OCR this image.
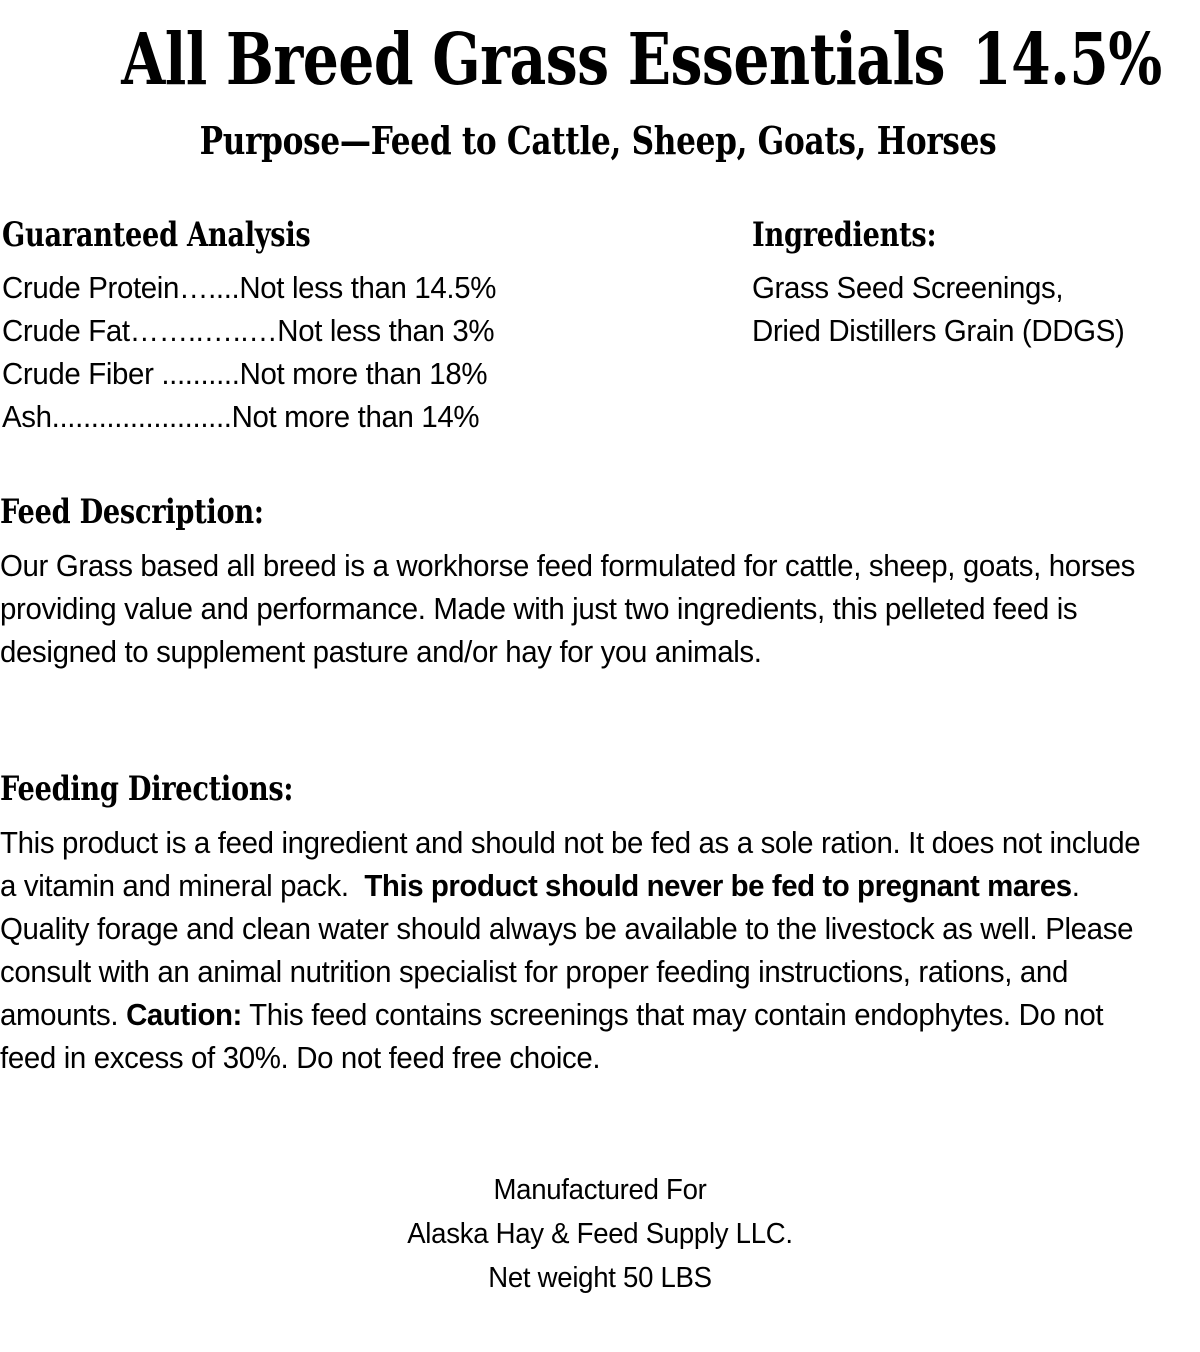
All Breed Grass Essentials 14.5%
Purpose—Feed to Cattle, Sheep, Goats, Horses
Guaranteed Analysis
Crude Protein…....Not less than 14.5%
Crude Fat……..…..…Not less than 3%
Crude Fiber ..........Not more than 18%
Ash.......................Not more than 14%
Ingredients:
Grass Seed Screenings,
Dried Distillers Grain (DDGS)
Feed Description:

Our Grass based all breed is a workhorse feed formulated for cattle, sheep, goats, horses providing value and performance. Made with just two ingredients, this pelleted feed is designed to supplement pasture and/or hay for you animals.

Feeding Directions:

This product is a feed ingredient and should not be fed as a sole ration. It does not include a vitamin and mineral pack.  This product should never be fed to pregnant mares. Quality forage and clean water should always be available to the livestock as well. Please consult with an animal nutrition specialist for proper feeding instructions, rations, and amounts. Caution: This feed contains screenings that may contain endophytes. Do not feed in excess of 30%. Do not feed free choice.

Manufactured For
Alaska Hay & Feed Supply LLC.
Net weight 50 LBS
